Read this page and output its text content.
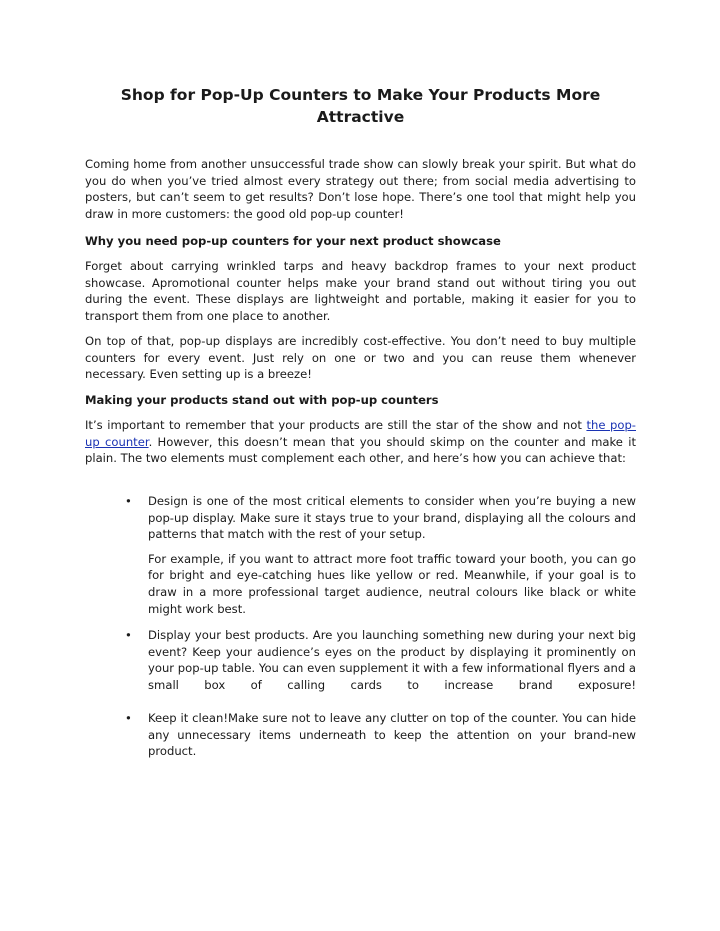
Shop for Pop-Up Counters to Make Your Products More Attractive

Coming home from another unsuccessful trade show can slowly break your spirit. But what do you do when you’ve tried almost every strategy out there; from social media advertising to posters, but can’t seem to get results? Don’t lose hope. There’s one tool that might help you draw in more customers: the good old pop-up counter!

Why you need pop-up counters for your next product showcase

Forget about carrying wrinkled tarps and heavy backdrop frames to your next product showcase. Apromotional counter helps make your brand stand out without tiring you out during the event. These displays are lightweight and portable, making it easier for you to transport them from one place to another.

On top of that, pop-up displays are incredibly cost-effective. You don’t need to buy multiple counters for every event. Just rely on one or two and you can reuse them whenever necessary. Even setting up is a breeze!

Making your products stand out with pop-up counters

It’s important to remember that your products are still the star of the show and not the pop-up counter. However, this doesn’t mean that you should skimp on the counter and make it plain. The two elements must complement each other, and here’s how you can achieve that:

• Design is one of the most critical elements to consider when you’re buying a new pop-up display. Make sure it stays true to your brand, displaying all the colours and patterns that match with the rest of your setup.

For example, if you want to attract more foot traffic toward your booth, you can go for bright and eye-catching hues like yellow or red. Meanwhile, if your goal is to draw in a more professional target audience, neutral colours like black or white might work best.

• Display your best products. Are you launching something new during your next big event? Keep your audience’s eyes on the product by displaying it prominently on your pop-up table. You can even supplement it with a few informational flyers and a small box of calling cards to increase brand exposure!

• Keep it clean!Make sure not to leave any clutter on top of the counter. You can hide any unnecessary items underneath to keep the attention on your brand-new product.
